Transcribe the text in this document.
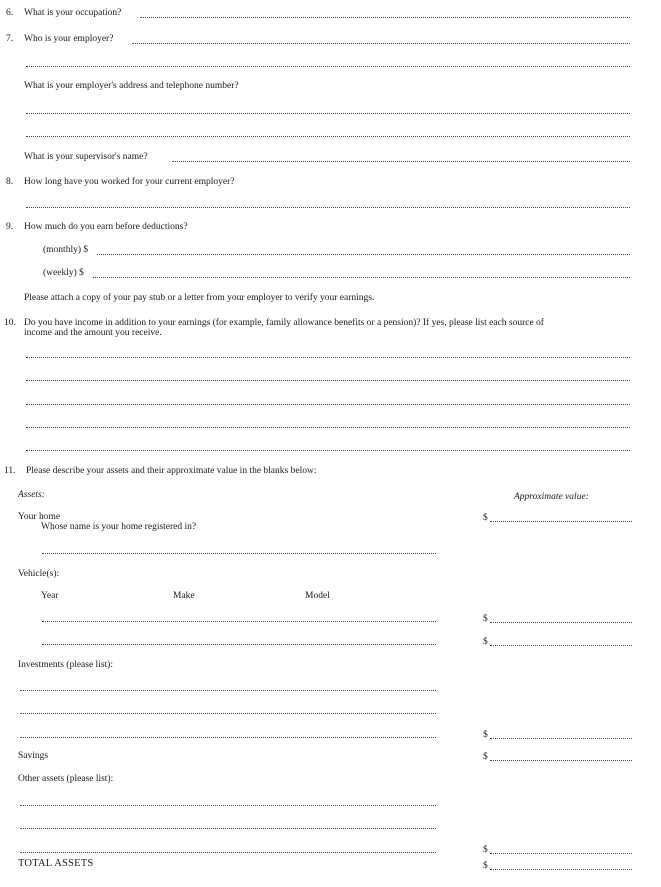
6. What is your occupation?
7. Who is your employer?
What is your employer's address and telephone number?
What is your supervisor's name?
8. How long have you worked for your current employer?
9. How much do you earn before deductions?
(monthly) $
(weekly) $
Please attach a copy of your pay stub or a letter from your employer to verify your earnings.
10. Do you have income in addition to your earnings (for example, family allowance benefits or a pension)? If yes, please list each source of
income and the amount you receive.
11. Please describe your assets and their approximate value in the blanks below:
Assets:	Approximate value:
Your home	$
Whose name is your home registered in?
Vehicle(s):
Year	Make	Model
$
$
Investments (please list):
$
Savings	$
Other assets (please list):
$
TOTAL ASSETS	$
